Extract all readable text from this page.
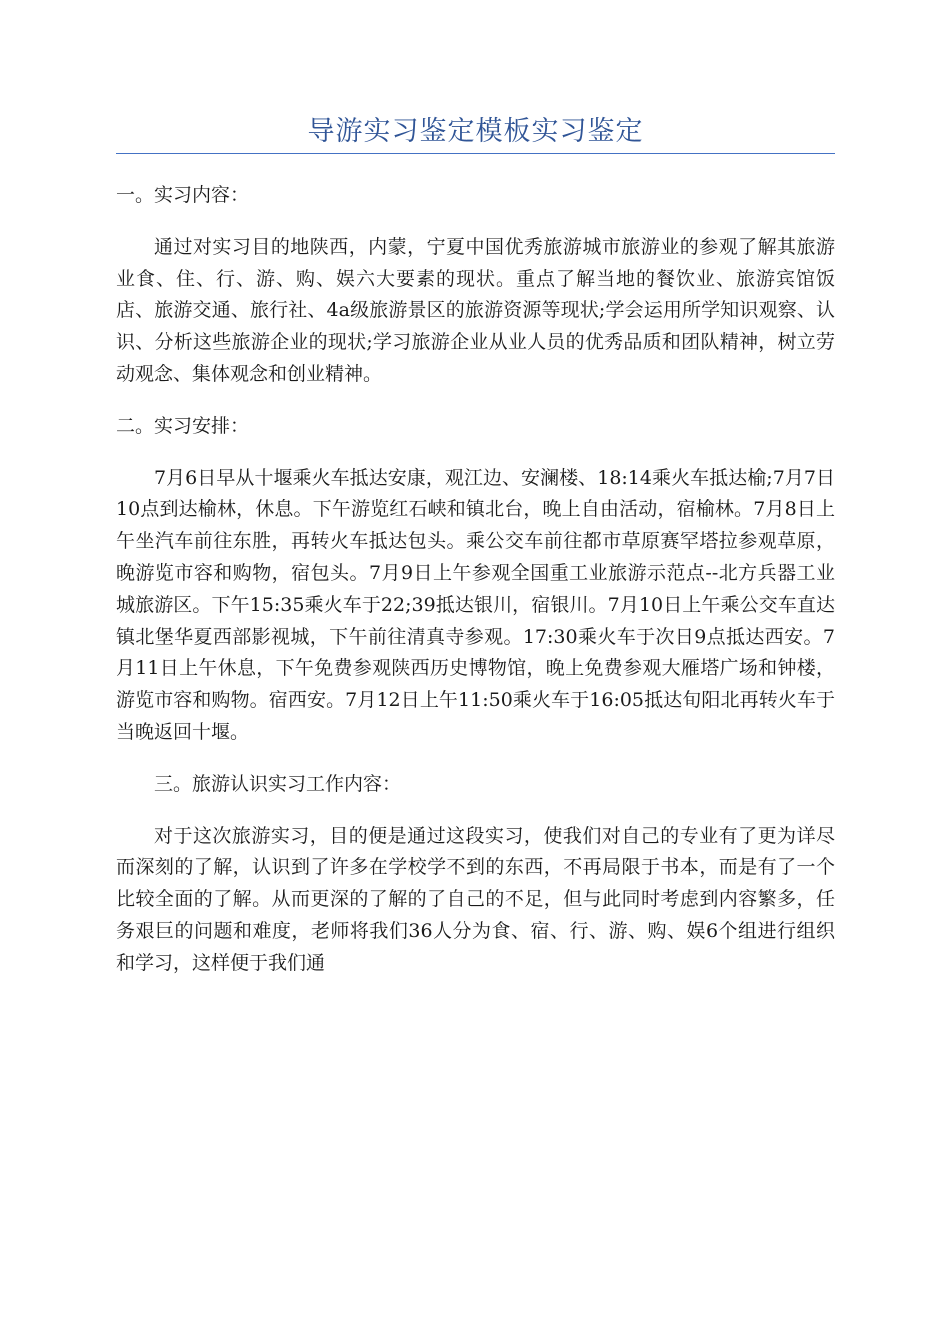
导游实习鉴定模板实习鉴定

一。实习内容：

通过对实习目的地陕西，内蒙，宁夏中国优秀旅游城市旅游业的参观了解其旅游业食、住、行、游、购、娱六大要素的现状。重点了解当地的餐饮业、旅游宾馆饭店、旅游交通、旅行社、4a级旅游景区的旅游资源等现状;学会运用所学知识观察、认识、分析这些旅游企业的现状;学习旅游企业从业人员的优秀品质和团队精神，树立劳动观念、集体观念和创业精神。

二。实习安排：

7月6日早从十堰乘火车抵达安康，观江边、安澜楼、18:14乘火车抵达榆;7月7日10点到达榆林，休息。下午游览红石峡和镇北台，晚上自由活动，宿榆林。7月8日上午坐汽车前往东胜，再转火车抵达包头。乘公交车前往都市草原赛罕塔拉参观草原，晚游览市容和购物，宿包头。7月9日上午参观全国重工业旅游示范点--北方兵器工业城旅游区。下午15:35乘火车于22;39抵达银川，宿银川。7月10日上午乘公交车直达镇北堡华夏西部影视城，下午前往清真寺参观。17:30乘火车于次日9点抵达西安。7月11日上午休息，下午免费参观陕西历史博物馆，晚上免费参观大雁塔广场和钟楼，游览市容和购物。宿西安。7月12日上午11:50乘火车于16:05抵达旬阳北再转火车于当晚返回十堰。

三。旅游认识实习工作内容：

对于这次旅游实习，目的便是通过这段实习，使我们对自己的专业有了更为详尽而深刻的了解，认识到了许多在学校学不到的东西，不再局限于书本，而是有了一个比较全面的了解。从而更深的了解的了自己的不足，但与此同时考虑到内容繁多，任务艰巨的问题和难度，老师将我们36人分为食、宿、行、游、购、娱6个组进行组织和学习，这样便于我们通
